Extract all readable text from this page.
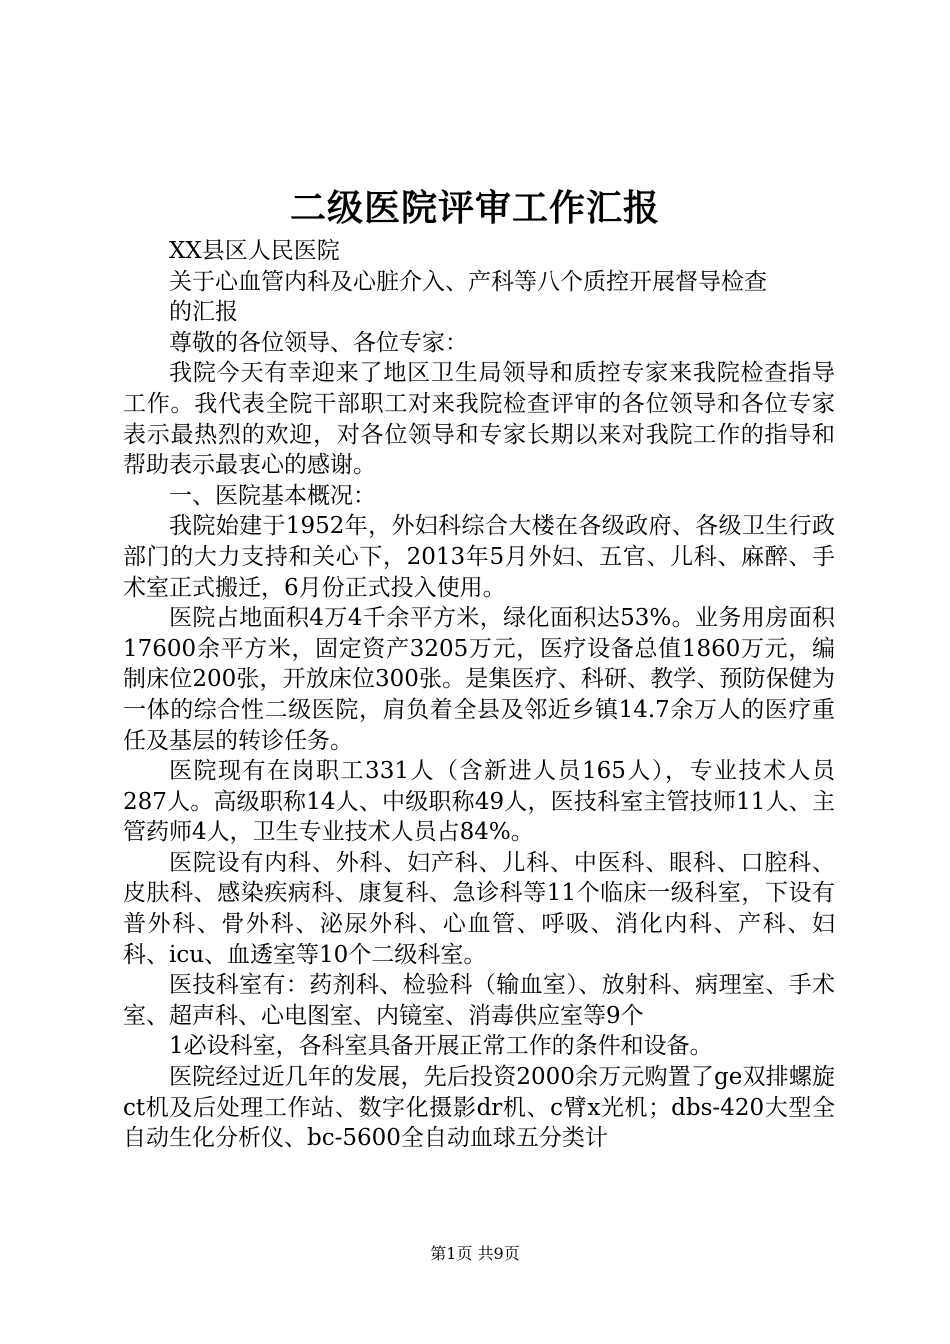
二级医院评审工作汇报

XX县区人民医院

关于心血管内科及心脏介入、产科等八个质控开展督导检查

的汇报

尊敬的各位领导、各位专家：

我院今天有幸迎来了地区卫生局领导和质控专家来我院检查指导工作。我代表全院干部职工对来我院检查评审的各位领导和各位专家表示最热烈的欢迎，对各位领导和专家长期以来对我院工作的指导和帮助表示最衷心的感谢。

一、医院基本概况：

我院始建于1952年，外妇科综合大楼在各级政府、各级卫生行政部门的大力支持和关心下，2013年5月外妇、五官、儿科、麻醉、手术室正式搬迁，6月份正式投入使用。

医院占地面积4万4千余平方米，绿化面积达53%。业务用房面积17600余平方米，固定资产3205万元，医疗设备总值1860万元，编制床位200张，开放床位300张。是集医疗、科研、教学、预防保健为一体的综合性二级医院，肩负着全县及邻近乡镇14.7余万人的医疗重任及基层的转诊任务。

医院现有在岗职工331人（含新进人员165人），专业技术人员287人。高级职称14人、中级职称49人，医技科室主管技师11人、主管药师4人，卫生专业技术人员占84%。

医院设有内科、外科、妇产科、儿科、中医科、眼科、口腔科、皮肤科、感染疾病科、康复科、急诊科等11个临床一级科室，下设有普外科、骨外科、泌尿外科、心血管、呼吸、消化内科、产科、妇科、icu、血透室等10个二级科室。

医技科室有：药剂科、检验科（输血室）、放射科、病理室、手术室、超声科、心电图室、内镜室、消毒供应室等9个

1必设科室，各科室具备开展正常工作的条件和设备。

医院经过近几年的发展，先后投资2000余万元购置了ge双排螺旋ct机及后处理工作站、数字化摄影dr机、c臂x光机；dbs-420大型全自动生化分析仪、bc-5600全自动血球五分类计

第1页 共9页
